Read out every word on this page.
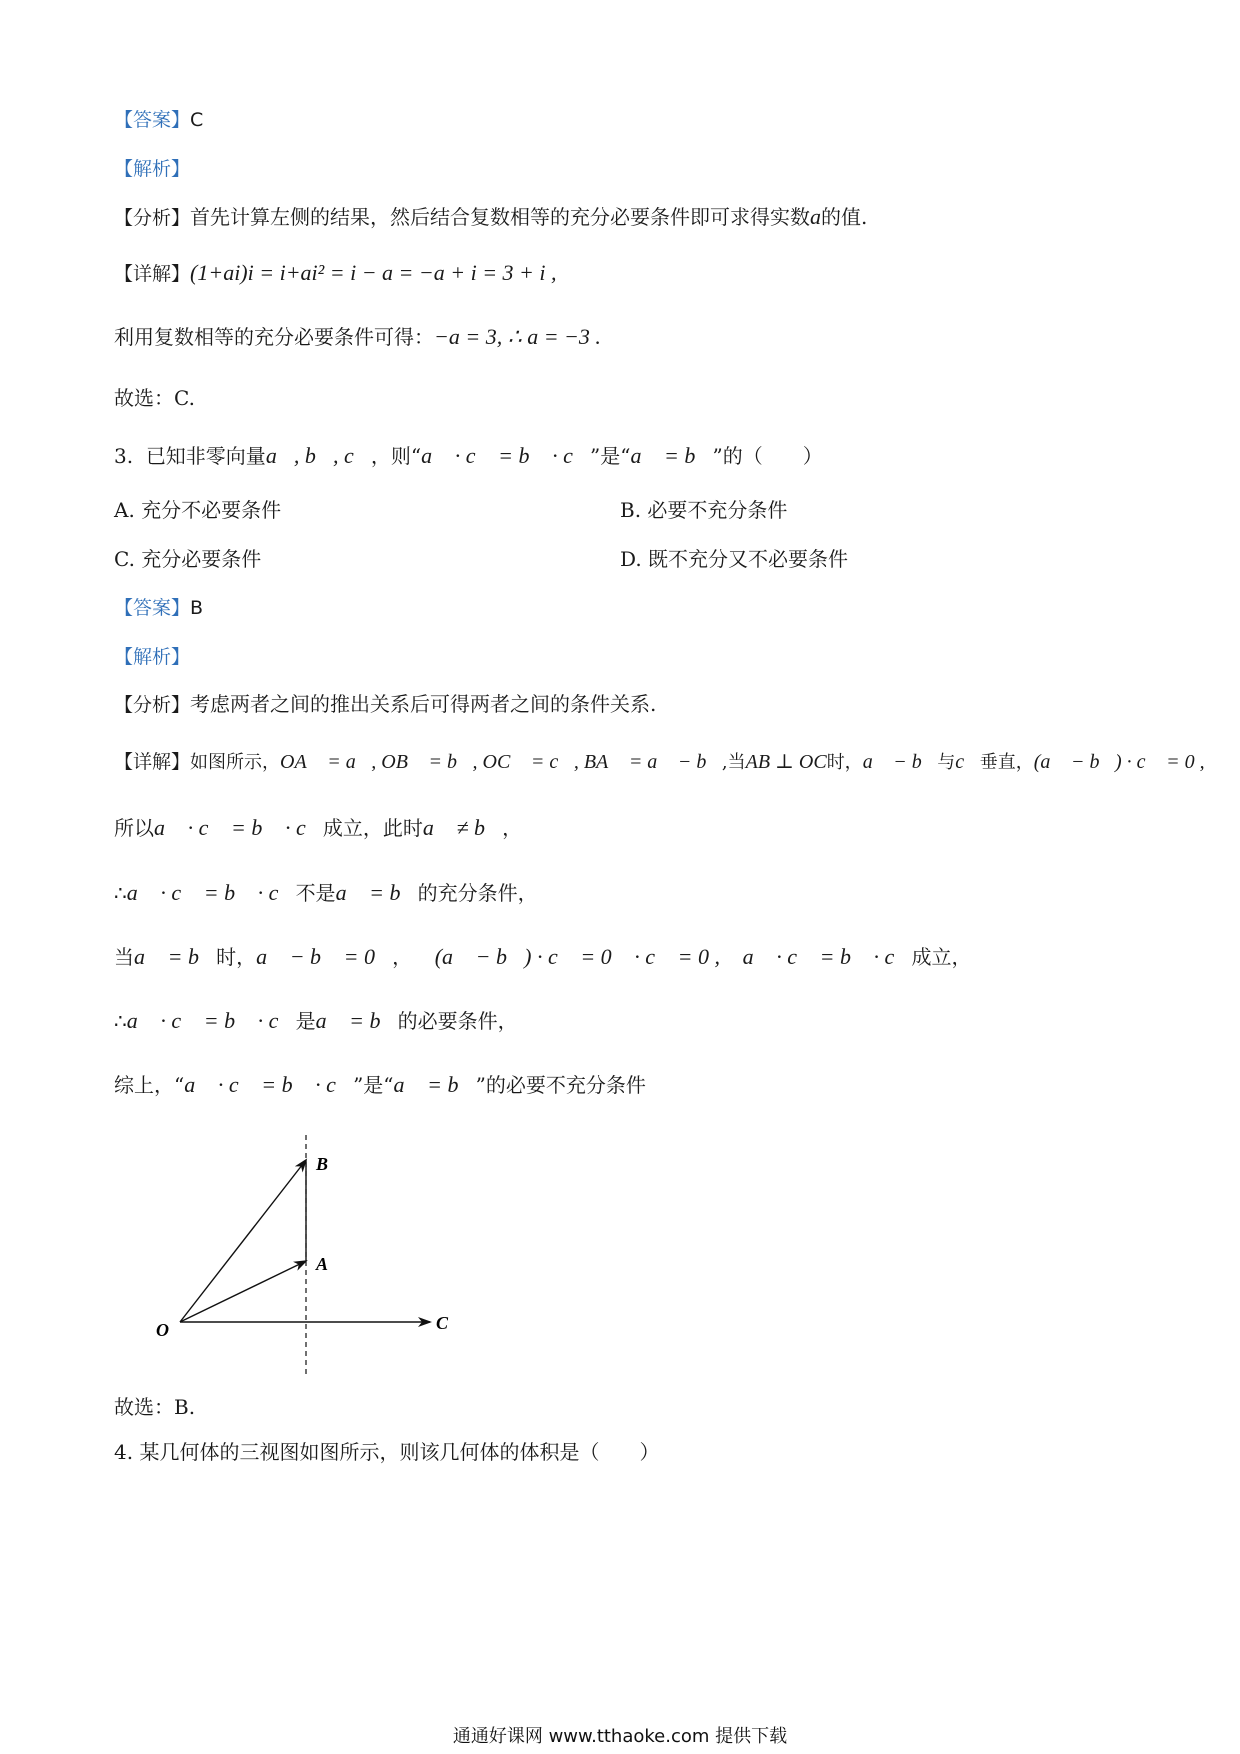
【答案】C
【解析】
【分析】首先计算左侧的结果，然后结合复数相等的充分必要条件即可求得实数a的值.
【详解】(1+ai)i = i+ai² = i − a = −a + i = 3 + i ,
利用复数相等的充分必要条件可得：−a = 3, ∴ a = −3 .
故选：C.
3. 已知非零向量a⃗, b⃗, c⃗，则“a⃗ · c⃗ = b⃗ · c⃗”是“a⃗ = b⃗”的（　　）
A. 充分不必要条件	B. 必要不充分条件
C. 充分必要条件	D. 既不充分又不必要条件
【答案】B
【解析】
【分析】考虑两者之间的推出关系后可得两者之间的条件关系.
【详解】如图所示，OA⃗ = a⃗, OB⃗ = b⃗, OC⃗ = c⃗, BA⃗ = a⃗ − b⃗,当AB ⊥ OC时，a⃗ − b⃗与c⃗垂直，(a⃗ − b⃗) · c⃗ = 0 ,
所以a⃗ · c⃗ = b⃗ · c⃗成立，此时a⃗ ≠ b⃗，
∴a⃗ · c⃗ = b⃗ · c⃗不是a⃗ = b⃗的充分条件，
当a⃗ = b⃗时，a⃗ − b⃗ = 0⃗，∴ (a⃗ − b⃗) · c⃗ = 0⃗ · c⃗ = 0 ,∴ a⃗ · c⃗ = b⃗ · c⃗成立，
∴a⃗ · c⃗ = b⃗ · c⃗是a⃗ = b⃗的必要条件，
综上，“a⃗ · c⃗ = b⃗ · c⃗”是“a⃗ = b⃗”的必要不充分条件
O
A
B
C
故选：B.
4. 某几何体的三视图如图所示，则该几何体的体积是（　　）
通通好课网 www.tthaoke.com 提供下载
